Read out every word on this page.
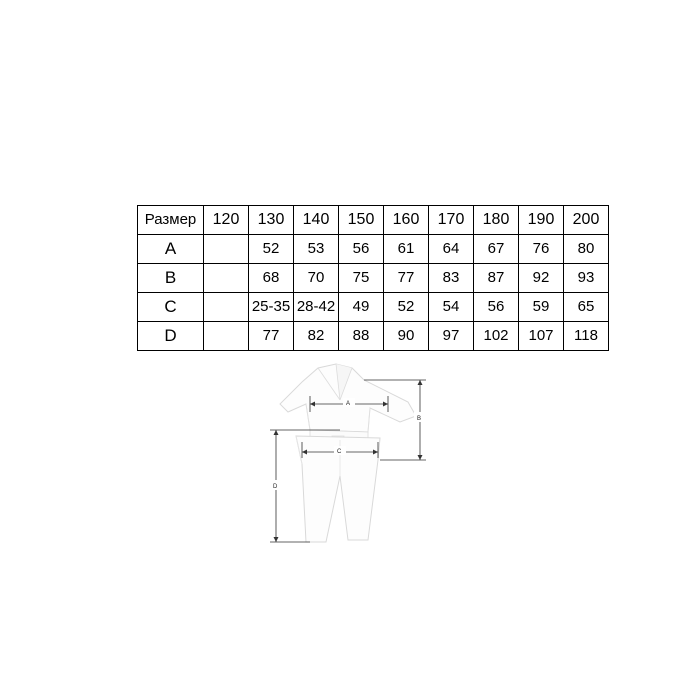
Размер	120	130	140	150	160	170	180	190	200
A		52	53	56	61	64	67	76	80
B		68	70	75	77	83	87	92	93
C		25-35	28-42	49	52	54	56	59	65
D		77	82	88	90	97	102	107	118
A
B
C
D
